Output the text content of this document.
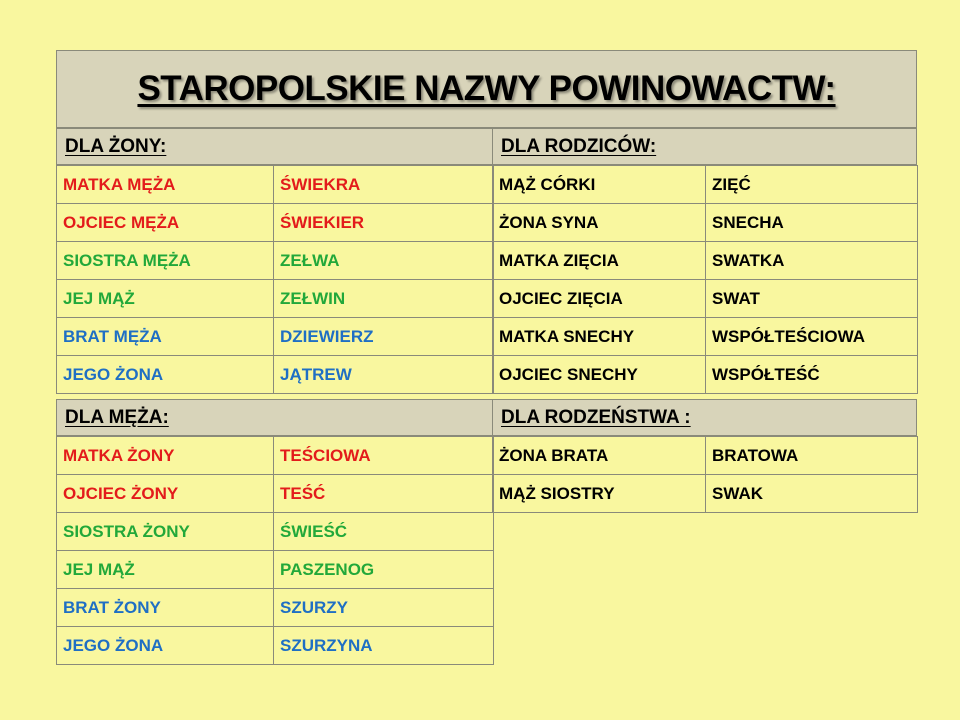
STAROPOLSKIE NAZWY POWINOWACTW:
DLA ŻONY:	DLA RODZICÓW:
DLA MĘŻA:	DLA RODZEŃSTWA :
MATKA MĘŻA	ŚWIEKRA
OJCIEC MĘŻA	ŚWIEKIER
SIOSTRA MĘŻA	ZEŁWA
JEJ MĄŻ	ZEŁWIN
BRAT MĘŻA	DZIEWIERZ
JEGO ŻONA	JĄTREW
MĄŻ CÓRKI	ZIĘĆ
ŻONA SYNA	SNECHA
MATKA ZIĘCIA	SWATKA
OJCIEC ZIĘCIA	SWAT
MATKA SNECHY	WSPÓŁTEŚCIOWA
OJCIEC SNECHY	WSPÓŁTEŚĆ
MATKA ŻONY	TEŚCIOWA
OJCIEC ŻONY	TEŚĆ
SIOSTRA ŻONY	ŚWIEŚĆ
JEJ MĄŻ	PASZENOG
BRAT ŻONY	SZURZY
JEGO ŻONA	SZURZYNA
ŻONA BRATA	BRATOWA
MĄŻ SIOSTRY	SWAK
